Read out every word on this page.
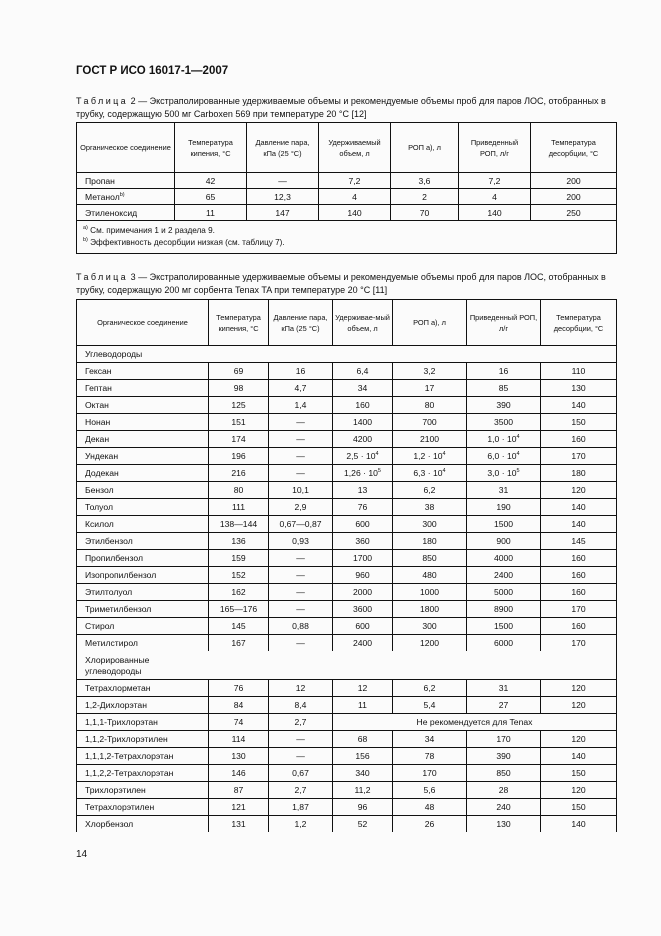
ГОСТ Р ИСО 16017-1—2007
Таблица 2 — Экстраполированные удерживаемые объемы и рекомендуемые объемы проб для паров ЛОС, отобранных в трубку, содержащую 500 мг Carboxen 569 при температуре 20 °С [12]
Органическое соединение	Температура кипения, °С	Давление пара, кПа (25 °С)	Удерживаемый объем, л	РОП а), л	Приведенный РОП, л/г	Температура десорбции, °С
Пропан	42	—	7,2	3,6	7,2	200
Метанол$^{b)}$	65	12,3	4	2	4	200
Этиленоксид	11	147	140	70	140	250

$^{а)}$ См. примечания 1 и 2 раздела 9.
$^{b)}$ Эффективность десорбции низкая (см. таблицу 7).						
Таблица 3 — Экстраполированные удерживаемые объемы и рекомендуемые объемы проб для паров ЛОС, отобранных в трубку, содержащую 200 мг сорбента Tenax TA при температуре 20 °С [11]
Органическое соединение	Температура кипения, °С	Давление пара, кПа (25 °С)	Удерживае-мый объем, л	РОП а), л	Приведенный РОП, л/г	Температура десорбции, °С	
Углеводороды							
Гексан	69	16	6,4	3,2	16	110	
Гептан	98	4,7	34	17	85	130	
Октан	125	1,4	160	80	390	140	
Нонан	151	—	1400	700	3500	150	
Декан	174	—	4200	2100	$1,0 \cdot 10^4$	160	
Ундекан	196	—	$2,5 \cdot 10^4$	$1,2 \cdot 10^4$	$6,0 \cdot 10^4$	170	
Додекан	216	—	$1,26 \cdot 10^5$	$6,3 \cdot 10^4$	$3,0 \cdot 10^5$	180	
Бензол	80	10,1	13	6,2	31	120	
Толуол	111	2,9	76	38	190	140	
Ксилол	138—144	0,67—0,87	600	300	1500	140	
Этилбензол	136	0,93	360	180	900	145	
Пропилбензол	159	—	1700	850	4000	160	
Изопропилбензол	152	—	960	480	2400	160	
Этилтолуол	162	—	2000	1000	5000	160	
Триметилбензол	165—176	—	3600	1800	8900	170	
Стирол	145	0,88	600	300	1500	160	
Метилстирол	167	—	2400	1200	6000	170	
Хлорированные углеводороды							
Тетрахлорметан	76	12	12	6,2	31	120	
1,2-Дихлорэтан	84	8,4	11	5,4	27	120	
1,1,1-Трихлорэтан	74	2,7	Не рекомендуется для Tenax				
1,1,2-Трихлорэтилен	114	—	68	34	170	120	
1,1,1,2-Тетрахлорэтан	130	—	156	78	390	140	
1,1,2,2-Тетрахлорэтан	146	0,67	340	170	850	150	
Трихлорэтилен	87	2,7	11,2	5,6	28	120	
Тетрахлорэтилен	121	1,87	96	48	240	150	
Хлорбензол	131	1,2	52	26	130	140	
14
